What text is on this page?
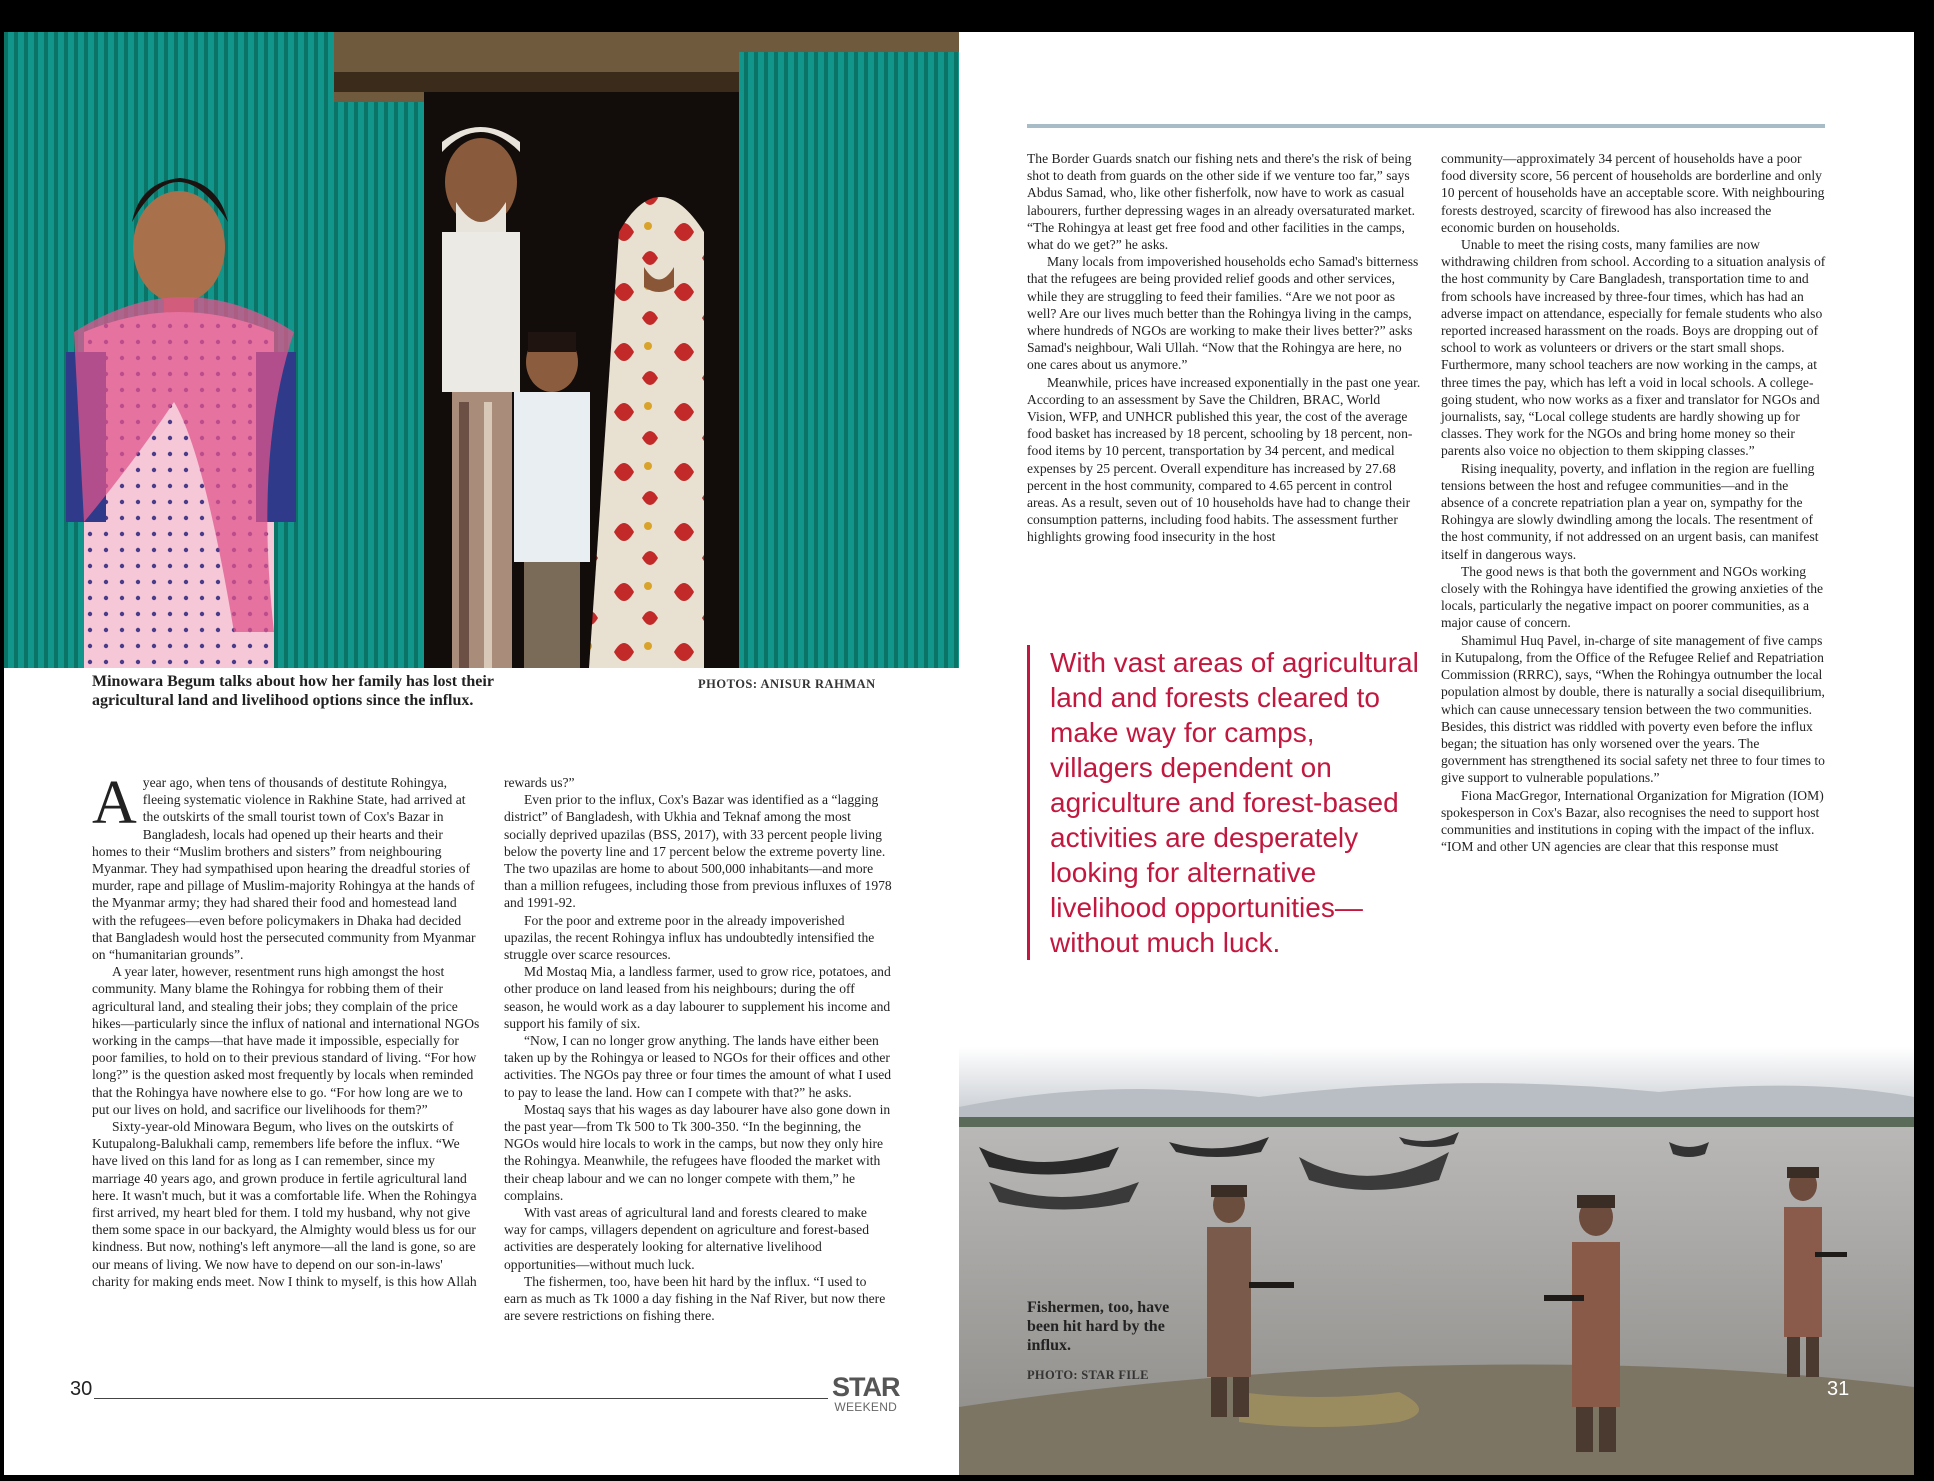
Minowara Begum talks about how her family has lost their agricultural land and livelihood options since the influx.
PHOTOS: ANISUR RAHMAN

A year ago, when tens of thousands of destitute Rohingya, fleeing systematic violence in Rakhine State, had arrived at the outskirts of the small tourist town of Cox's Bazar in Bangladesh, locals had opened up their hearts and their homes to their “Muslim brothers and sisters” from neighbouring Myanmar. They had sympathised upon hearing the dreadful stories of murder, rape and pillage of Muslim-majority Rohingya at the hands of the Myanmar army; they had shared their food and homestead land with the refugees—even before policymakers in Dhaka had decided that Bangladesh would host the persecuted community from Myanmar on “humanitarian grounds”.

A year later, however, resentment runs high amongst the host community. Many blame the Rohingya for robbing them of their agricultural land, and stealing their jobs; they complain of the price hikes—particularly since the influx of national and international NGOs working in the camps—that have made it impossible, especially for poor families, to hold on to their previous standard of living. “For how long?” is the question asked most frequently by locals when reminded that the Rohingya have nowhere else to go. “For how long are we to put our lives on hold, and sacrifice our livelihoods for them?”

Sixty-year-old Minowara Begum, who lives on the outskirts of Kutupalong-Balukhali camp, remembers life before the influx. “We have lived on this land for as long as I can remember, since my marriage 40 years ago, and grown produce in fertile agricultural land here. It wasn't much, but it was a comfortable life. When the Rohingya first arrived, my heart bled for them. I told my husband, why not give them some space in our backyard, the Almighty would bless us for our kindness. But now, nothing's left anymore—all the land is gone, so are our means of living. We now have to depend on our son-in-laws' charity for making ends meet. Now I think to myself, is this how Allah

rewards us?”

Even prior to the influx, Cox's Bazar was identified as a “lagging district” of Bangladesh, with Ukhia and Teknaf among the most socially deprived upazilas (BSS, 2017), with 33 percent people living below the poverty line and 17 percent below the extreme poverty line. The two upazilas are home to about 500,000 inhabitants—and more than a million refugees, including those from previous influxes of 1978 and 1991-92.

For the poor and extreme poor in the already impoverished upazilas, the recent Rohingya influx has undoubtedly intensified the struggle over scarce resources.

Md Mostaq Mia, a landless farmer, used to grow rice, potatoes, and other produce on land leased from his neighbours; during the off season, he would work as a day labourer to supplement his income and support his family of six.

“Now, I can no longer grow anything. The lands have either been taken up by the Rohingya or leased to NGOs for their offices and other activities. The NGOs pay three or four times the amount of what I used to pay to lease the land. How can I compete with that?” he asks.

Mostaq says that his wages as day labourer have also gone down in the past year—from Tk 500 to Tk 300-350. “In the beginning, the NGOs would hire locals to work in the camps, but now they only hire the Rohingya. Meanwhile, the refugees have flooded the market with their cheap labour and we can no longer compete with them,” he complains.

With vast areas of agricultural land and forests cleared to make way for camps, villagers dependent on agriculture and forest-based activities are desperately looking for alternative livelihood opportunities—without much luck.

The fishermen, too, have been hit hard by the influx. “I used to earn as much as Tk 1000 a day fishing in the Naf River, but now there are severe restrictions on fishing there.

30	STAR
WEEKEND

The Border Guards snatch our fishing nets and there's the risk of being shot to death from guards on the other side if we venture too far,” says Abdus Samad, who, like other fisherfolk, now have to work as casual labourers, further depressing wages in an already oversaturated market. “The Rohingya at least get free food and other facilities in the camps, what do we get?” he asks.

Many locals from impoverished households echo Samad's bitterness that the refugees are being provided relief goods and other services, while they are struggling to feed their families. “Are we not poor as well? Are our lives much better than the Rohingya living in the camps, where hundreds of NGOs are working to make their lives better?” asks Samad's neighbour, Wali Ullah. “Now that the Rohingya are here, no one cares about us anymore.”

Meanwhile, prices have increased exponentially in the past one year. According to an assessment by Save the Children, BRAC, World Vision, WFP, and UNHCR published this year, the cost of the average food basket has increased by 18 percent, schooling by 18 percent, non-food items by 10 percent, transportation by 34 percent, and medical expenses by 25 percent. Overall expenditure has increased by 27.68 percent in the host community, compared to 4.65 percent in control areas. As a result, seven out of 10 households have had to change their consumption patterns, including food habits. The assessment further highlights growing food insecurity in the host

community—approximately 34 percent of households have a poor food diversity score, 56 percent of households are borderline and only 10 percent of households have an acceptable score. With neighbouring forests destroyed, scarcity of firewood has also increased the economic burden on households.

Unable to meet the rising costs, many families are now withdrawing children from school. According to a situation analysis of the host community by Care Bangladesh, transportation time to and from schools have increased by three-four times, which has had an adverse impact on attendance, especially for female students who also reported increased harassment on the roads. Boys are dropping out of school to work as volunteers or drivers or the start small shops. Furthermore, many school teachers are now working in the camps, at three times the pay, which has left a void in local schools. A college-going student, who now works as a fixer and translator for NGOs and journalists, say, “Local college students are hardly showing up for classes. They work for the NGOs and bring home money so their parents also voice no objection to them skipping classes.”

Rising inequality, poverty, and inflation in the region are fuelling tensions between the host and refugee communities—and in the absence of a concrete repatriation plan a year on, sympathy for the Rohingya are slowly dwindling among the locals. The resentment of the host community, if not addressed on an urgent basis, can manifest itself in dangerous ways.

The good news is that both the government and NGOs working closely with the Rohingya have identified the growing anxieties of the locals, particularly the negative impact on poorer communities, as a major cause of concern.

Shamimul Huq Pavel, in-charge of site management of five camps in Kutupalong, from the Office of the Refugee Relief and Repatriation Commission (RRRC), says, “When the Rohingya outnumber the local population almost by double, there is naturally a social disequilibrium, which can cause unnecessary tension between the two communities. Besides, this district was riddled with poverty even before the influx began; the situation has only worsened over the years. The government has strengthened its social safety net three to four times to give support to vulnerable populations.”

Fiona MacGregor, International Organization for Migration (IOM) spokesperson in Cox's Bazar, also recognises the need to support host communities and institutions in coping with the impact of the influx. “IOM and other UN agencies are clear that this response must

With vast areas of agricultural land and forests cleared to make way for camps, villagers dependent on agriculture and forest-based activities are desperately looking for alternative livelihood opportunities—without much luck.
Fishermen, too, have been hit hard by the influx.
PHOTO: STAR FILE
31
